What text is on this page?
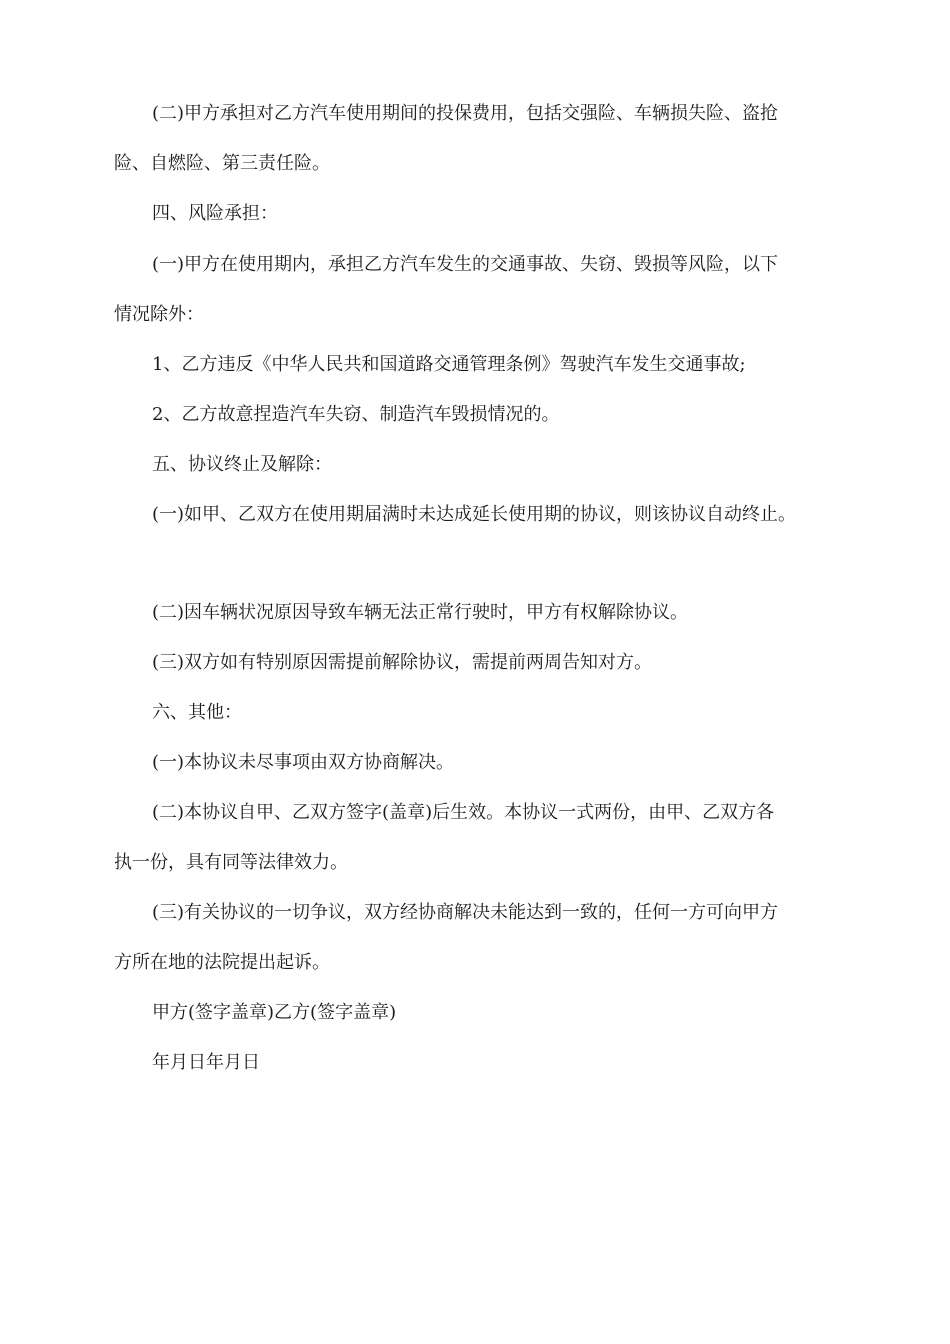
(二)甲方承担对乙方汽车使用期间的投保费用，包括交强险、车辆损失险、盗抢
险、自燃险、第三责任险。
四、风险承担：
(一)甲方在使用期内，承担乙方汽车发生的交通事故、失窃、毁损等风险，以下
情况除外：
1、乙方违反《中华人民共和国道路交通管理条例》驾驶汽车发生交通事故;
2、乙方故意捏造汽车失窃、制造汽车毁损情况的。
五、协议终止及解除：
(一)如甲、乙双方在使用期届满时未达成延长使用期的协议，则该协议自动终止。
(二)因车辆状况原因导致车辆无法正常行驶时，甲方有权解除协议。
(三)双方如有特别原因需提前解除协议，需提前两周告知对方。
六、其他：
(一)本协议未尽事项由双方协商解决。
(二)本协议自甲、乙双方签字(盖章)后生效。本协议一式两份，由甲、乙双方各
执一份，具有同等法律效力。
(三)有关协议的一切争议，双方经协商解决未能达到一致的，任何一方可向甲方
方所在地的法院提出起诉。
甲方(签字盖章)乙方(签字盖章)
年月日年月日
